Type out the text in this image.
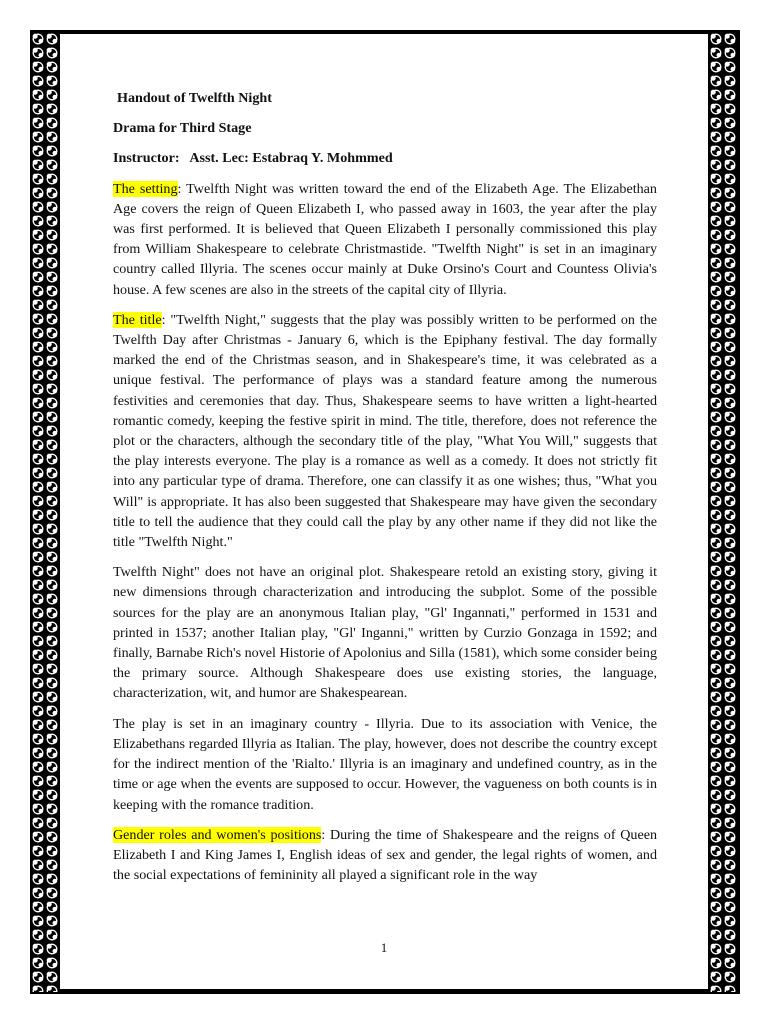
Handout of Twelfth Night
Drama for Third Stage
Instructor: Asst. Lec: Estabraq Y. Mohmmed

The setting: Twelfth Night was written toward the end of the Elizabeth Age. The Elizabethan Age covers the reign of Queen Elizabeth I, who passed away in 1603, the year after the play was first performed. It is believed that Queen Elizabeth I personally commissioned this play from William Shakespeare to celebrate Christmastide. "Twelfth Night" is set in an imaginary country called Illyria. The scenes occur mainly at Duke Orsino's Court and Countess Olivia's house. A few scenes are also in the streets of the capital city of Illyria.

The title: "Twelfth Night," suggests that the play was possibly written to be performed on the Twelfth Day after Christmas - January 6, which is the Epiphany festival. The day formally marked the end of the Christmas season, and in Shakespeare's time, it was celebrated as a unique festival. The performance of plays was a standard feature among the numerous festivities and ceremonies that day. Thus, Shakespeare seems to have written a light-hearted romantic comedy, keeping the festive spirit in mind. The title, therefore, does not reference the plot or the characters, although the secondary title of the play, "What You Will," suggests that the play interests everyone. The play is a romance as well as a comedy. It does not strictly fit into any particular type of drama. Therefore, one can classify it as one wishes; thus, "What you Will" is appropriate. It has also been suggested that Shakespeare may have given the secondary title to tell the audience that they could call the play by any other name if they did not like the title "Twelfth Night."

Twelfth Night" does not have an original plot. Shakespeare retold an existing story, giving it new dimensions through characterization and introducing the subplot. Some of the possible sources for the play are an anonymous Italian play, "Gl' Ingannati," performed in 1531 and printed in 1537; another Italian play, "Gl' Inganni," written by Curzio Gonzaga in 1592; and finally, Barnabe Rich's novel Historie of Apolonius and Silla (1581), which some consider being the primary source. Although Shakespeare does use existing stories, the language, characterization, wit, and humor are Shakespearean.

The play is set in an imaginary country - Illyria. Due to its association with Venice, the Elizabethans regarded Illyria as Italian. The play, however, does not describe the country except for the indirect mention of the 'Rialto.' Illyria is an imaginary and undefined country, as in the time or age when the events are supposed to occur. However, the vagueness on both counts is in keeping with the romance tradition.

Gender roles and women's positions: During the time of Shakespeare and the reigns of Queen Elizabeth I and King James I, English ideas of sex and gender, the legal rights of women, and the social expectations of femininity all played a significant role in the way

1
